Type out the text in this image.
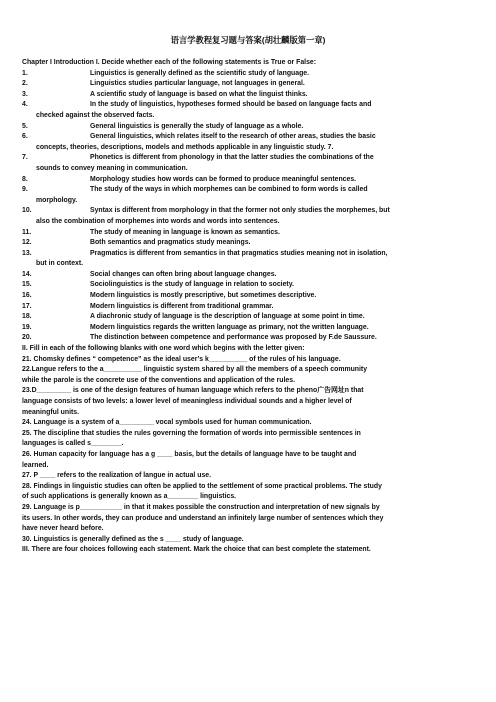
语言学教程复习题与答案(胡壮麟版第一章)
Chapter I Introduction I. Decide whether each of the following statements is True or False:
1.	Linguistics is generally defined as the scientific study of language.
2.	Linguistics studies particular language, not languages in general.
3.	A scientific study of language is based on what the linguist thinks.
4.	In the study of linguistics, hypotheses formed should be based on language facts and
checked against the observed facts.
5.	General linguistics is generally the study of language as a whole.
6.	General linguistics, which relates itself to the research of other areas, studies the basic
concepts, theories, descriptions, models and methods applicable in any linguistic study. 7.
7.	Phonetics is different from phonology in that the latter studies the combinations of the
sounds to convey meaning in communication.
8.	Morphology studies how words can be formed to produce meaningful sentences.
9.	The study of the ways in which morphemes can be combined to form words is called
morphology.
10.	Syntax is different from morphology in that the former not only studies the morphemes, but
also the combination of morphemes into words and words into sentences.
11.	The study of meaning in language is known as semantics.
12.	Both semantics and pragmatics study meanings.
13.	Pragmatics is different from semantics in that pragmatics studies meaning not in isolation,
but in context.
14.	Social changes can often bring about language changes.
15.	Sociolinguistics is the study of language in relation to society.
16.	Modern linguistics is mostly prescriptive, but sometimes descriptive.
17.	Modern linguistics is different from traditional grammar.
18.	A diachronic study of language is the description of language at some point in time.
19.	Modern linguistics regards the written language as primary, not the written language.
20.	The distinction between competence and performance was proposed by F.de Saussure.
II. Fill in each of the following blanks with one word which begins with the letter given:
21. Chomsky defines “ competence” as the ideal user’s k__________ of the rules of his language.
22.Langue refers to the a__________ linguistic system shared by all the members of a speech community
while the parole is the concrete use of the conventions and application of the rules.
23.D_________ is one of the design features of human language which refers to the pheno广告网址n that
language consists of two levels: a lower level of meaningless individual sounds and a higher level of
meaningful units.
24. Language is a system of a_________ vocal symbols used for human communication.
25. The discipline that studies the rules governing the formation of words into permissible sentences in
languages is called s________.
26. Human capacity for language has a g ____ basis, but the details of language have to be taught and
learned.
27. P ____ refers to the realization of langue in actual use.
28. Findings in linguistic studies can often be applied to the settlement of some practical problems. The study
of such applications is generally known as a________ linguistics.
29. Language is p___________ in that it makes possible the construction and interpretation of new signals by
its users. In other words, they can produce and understand an infinitely large number of sentences which they
have never heard before.
30. Linguistics is generally defined as the s ____ study of language.
III. There are four choices following each statement. Mark the choice that can best complete the statement.
